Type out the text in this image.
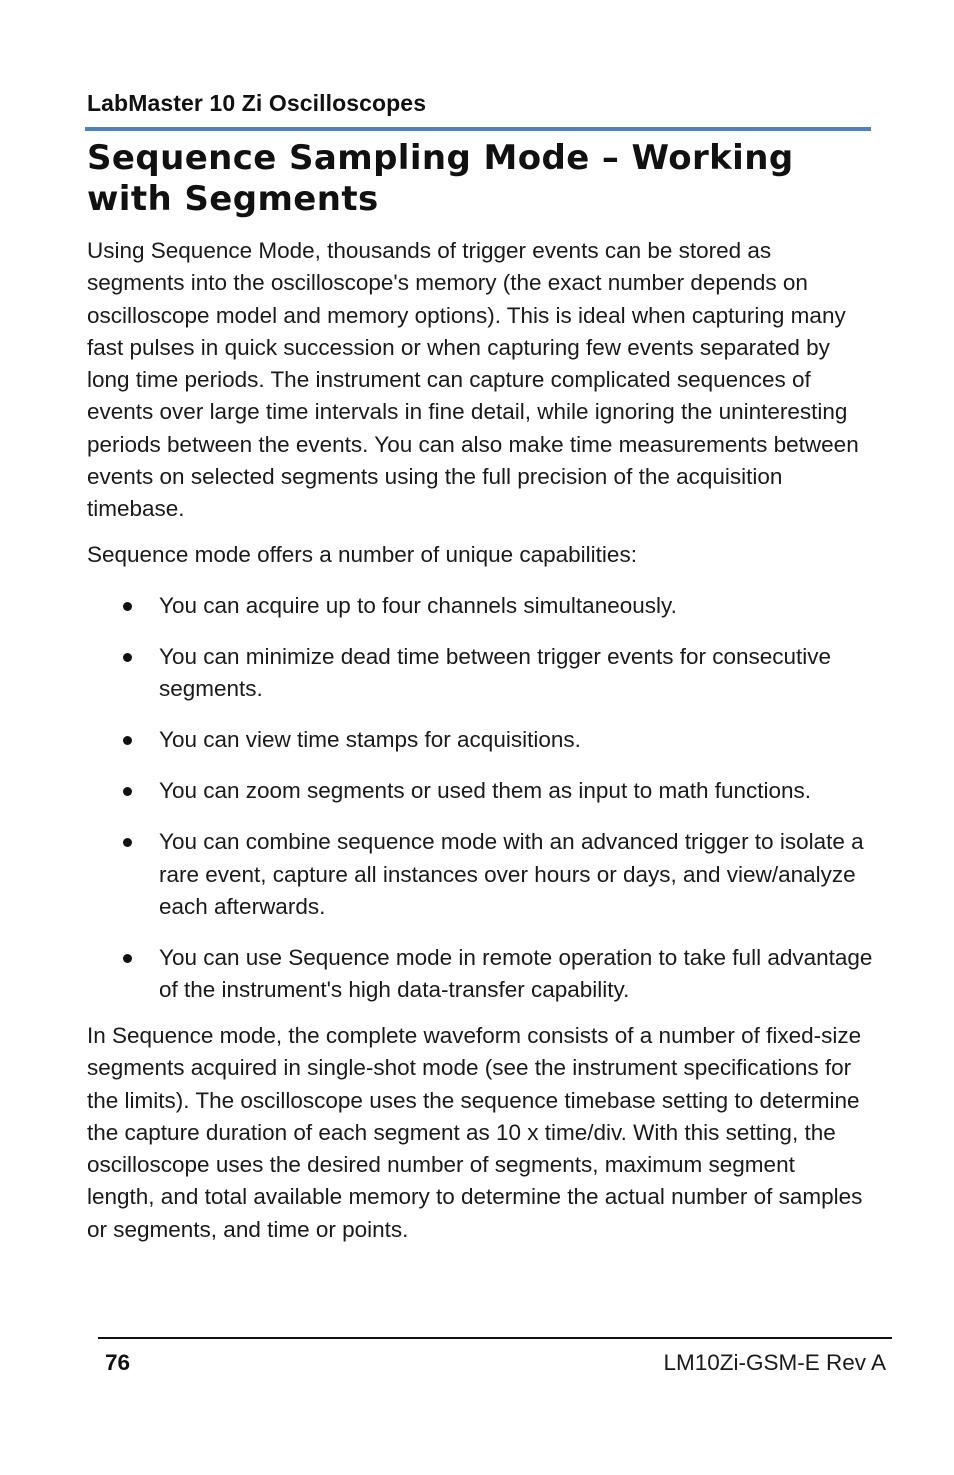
LabMaster 10 Zi Oscilloscopes
Sequence Sampling Mode – Working with Segments

Using Sequence Mode, thousands of trigger events can be stored as segments into the oscilloscope's memory (the exact number depends on oscilloscope model and memory options). This is ideal when capturing many fast pulses in quick succession or when capturing few events separated by long time periods. The instrument can capture complicated sequences of events over large time intervals in fine detail, while ignoring the uninteresting periods between the events. You can also make time measurements between events on selected segments using the full precision of the acquisition timebase.

Sequence mode offers a number of unique capabilities:

You can acquire up to four channels simultaneously.
You can minimize dead time between trigger events for consecutive segments.
You can view time stamps for acquisitions.
You can zoom segments or used them as input to math functions.
You can combine sequence mode with an advanced trigger to isolate a rare event, capture all instances over hours or days, and view/analyze each afterwards.
You can use Sequence mode in remote operation to take full advantage of the instrument's high data-transfer capability.

In Sequence mode, the complete waveform consists of a number of fixed-size segments acquired in single-shot mode (see the instrument specifications for the limits). The oscilloscope uses the sequence timebase setting to determine the capture duration of each segment as 10 x time/div. With this setting, the oscilloscope uses the desired number of segments, maximum segment length, and total available memory to determine the actual number of samples or segments, and time or points.

76	LM10Zi-GSM-E Rev A
